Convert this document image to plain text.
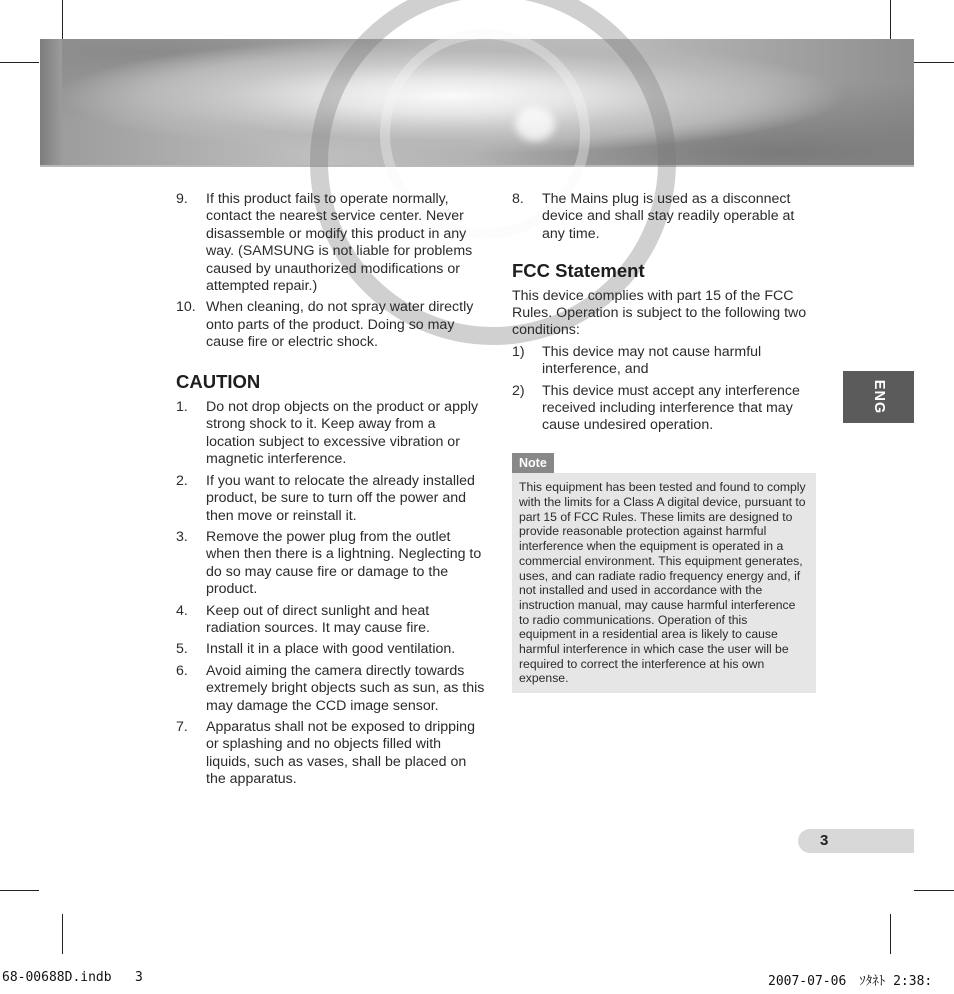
9.	If this product fails to operate normally, contact the nearest service center. Never disassemble or modify this product in any way. (SAMSUNG is not liable for problems caused by unauthorized modifications or attempted repair.)
10. When cleaning, do not spray water directly onto parts of the product. Doing so may cause fire or electric shock.
CAUTION
1.	Do not drop objects on the product or apply strong shock to it. Keep away from a location subject to excessive vibration or magnetic interference.
2.	If you want to relocate the already installed product, be sure to turn off the power and then move or reinstall it.
3.	Remove the power plug from the outlet when then there is a lightning. Neglecting to do so may cause fire or damage to the product.
4.	Keep out of direct sunlight and heat radiation sources. It may cause fire.
5.	Install it in a place with good ventilation.
6.	Avoid aiming the camera directly towards extremely bright objects such as sun, as this may damage the CCD image sensor.
7.	Apparatus shall not be exposed to dripping or splashing and no objects filled with liquids, such as vases, shall be placed on the apparatus.
8.	The Mains plug is used as a disconnect device and shall stay readily operable at any time.
FCC Statement

This device complies with part 15 of the FCC Rules. Operation is subject to the following two conditions:

1)	This device may not cause harmful interference, and
2)	This device must accept any interference received including interference that may cause undesired operation.
Note
This equipment has been tested and found to comply with the limits for a Class A digital device, pursuant to part 15 of FCC Rules. These limits are designed to provide reasonable protection against harmful interference when the equipment is operated in a commercial environment. This equipment generates, uses, and can radiate radio frequency energy and, if not installed and used in accordance with the instruction manual, may cause harmful interference to radio communications. Operation of this equipment in a residential area is likely to cause harmful interference in which case the user will be required to correct the interference at his own expense.
ENG
3
68-00688D.indb 3	2007-07-06　ｿﾀﾈﾄ 2:38:
